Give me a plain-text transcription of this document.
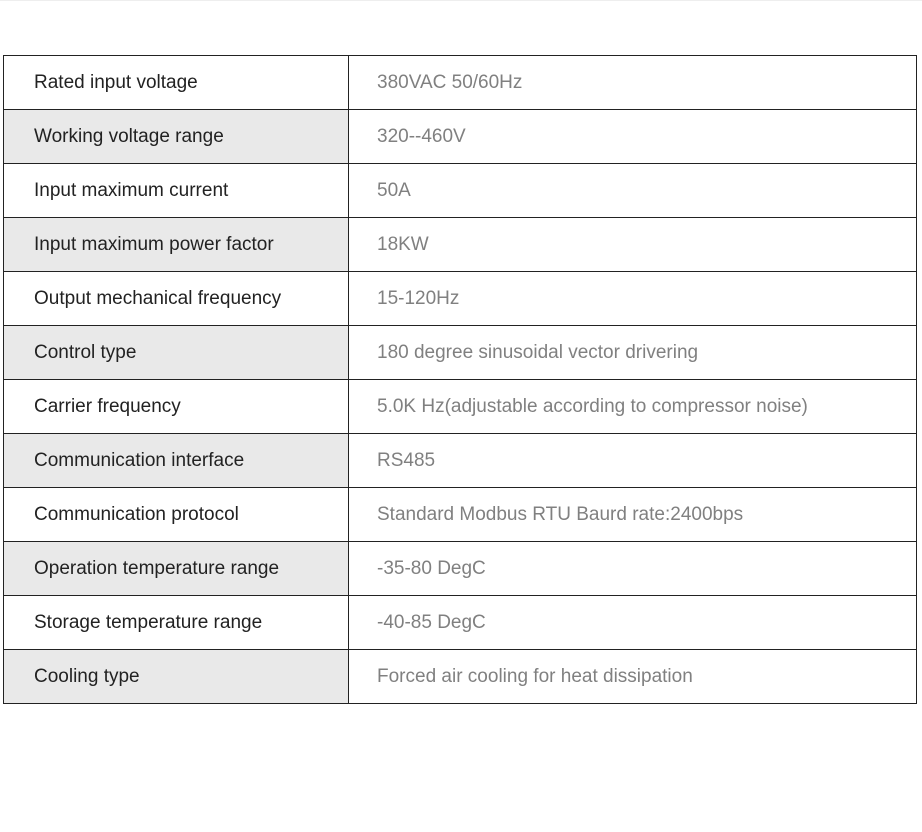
Rated input voltage	380VAC 50/60Hz
Working voltage range	320--460V
Input maximum current	50A
Input maximum power factor	18KW
Output mechanical frequency	15-120Hz
Control type	180 degree sinusoidal vector drivering
Carrier frequency	5.0K Hz(adjustable according to compressor noise)
Communication interface	RS485
Communication protocol	Standard Modbus RTU Baurd rate:2400bps
Operation temperature range	-35-80 DegC
Storage temperature range	-40-85 DegC
Cooling type	Forced air cooling for heat dissipation
